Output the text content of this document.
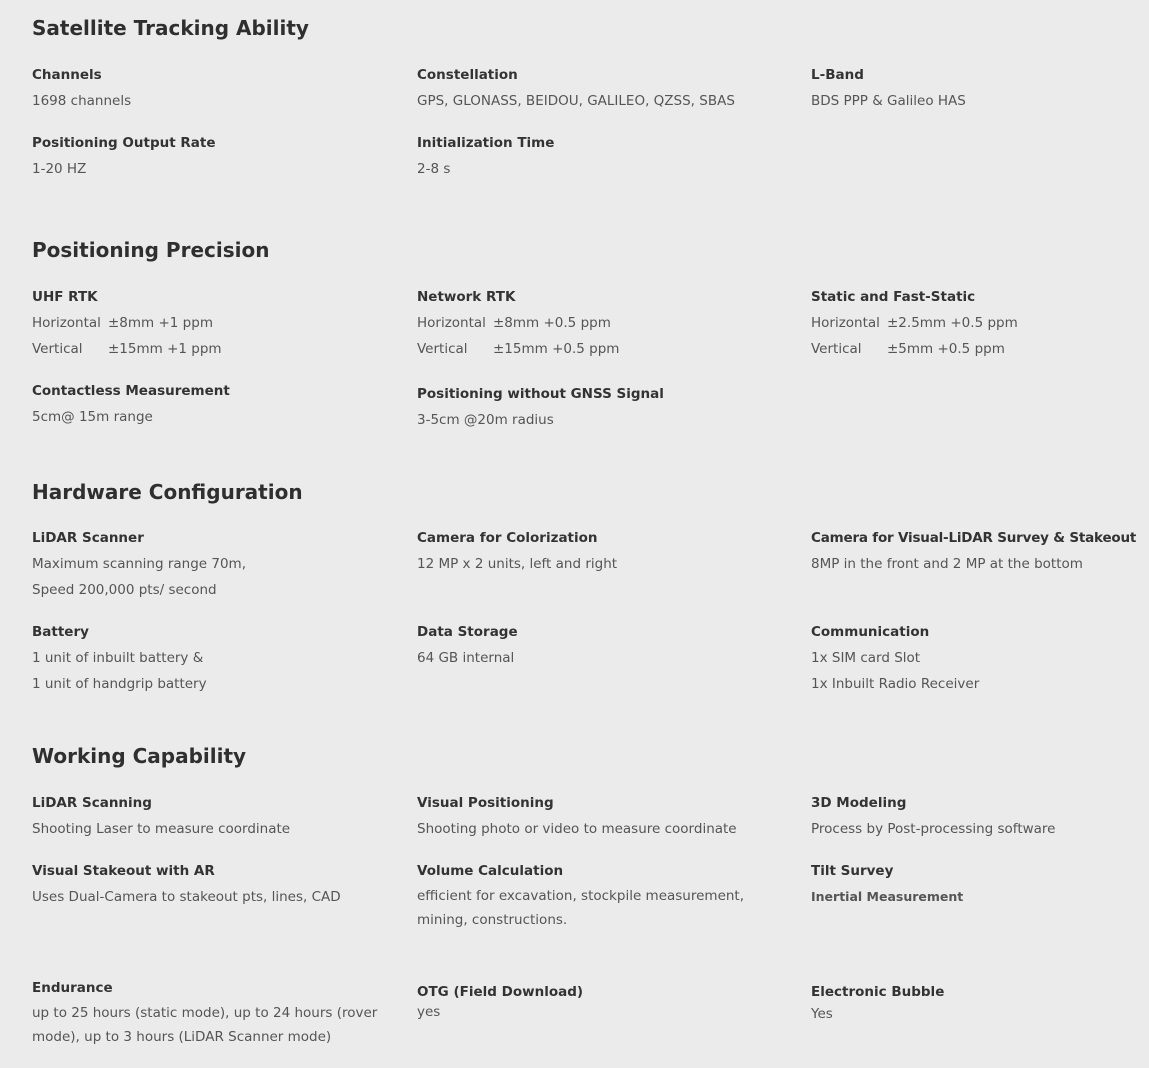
Satellite Tracking Ability
Channels
1698 channels
Constellation
GPS, GLONASS, BEIDOU, GALILEO, QZSS, SBAS
L-Band
BDS PPP & Galileo HAS
Positioning Output Rate
1-20 HZ
Initialization Time
2-8 s
Positioning Precision
UHF RTK
Horizontal ±8mm +1 ppm
Vertical ±15mm +1 ppm
Network RTK
Horizontal ±8mm +0.5 ppm
Vertical ±15mm +0.5 ppm
Static and Fast-Static
Horizontal ±2.5mm +0.5 ppm
Vertical ±5mm +0.5 ppm
Contactless Measurement
5cm@ 15m range
Positioning without GNSS Signal
3-5cm @20m radius
Hardware Configuration
LiDAR Scanner
Maximum scanning range 70m,
Speed 200,000 pts/ second
Camera for Colorization
12 MP x 2 units, left and right
Camera for Visual-LiDAR Survey & Stakeout
8MP in the front and 2 MP at the bottom
Battery
1 unit of inbuilt battery &
1 unit of handgrip battery
Data Storage
64 GB internal
Communication
1x SIM card Slot
1x Inbuilt Radio Receiver
Working Capability
LiDAR Scanning
Shooting Laser to measure coordinate
Visual Positioning
Shooting photo or video to measure coordinate
3D Modeling
Process by Post-processing software
Visual Stakeout with AR
Uses Dual-Camera to stakeout pts, lines, CAD
Volume Calculation
efficient for excavation, stockpile measurement,
mining, constructions.
Tilt Survey
Inertial Measurement
Endurance
up to 25 hours (static mode), up to 24 hours (rover
mode), up to 3 hours (LiDAR Scanner mode)
OTG (Field Download)
yes
Electronic Bubble
Yes
